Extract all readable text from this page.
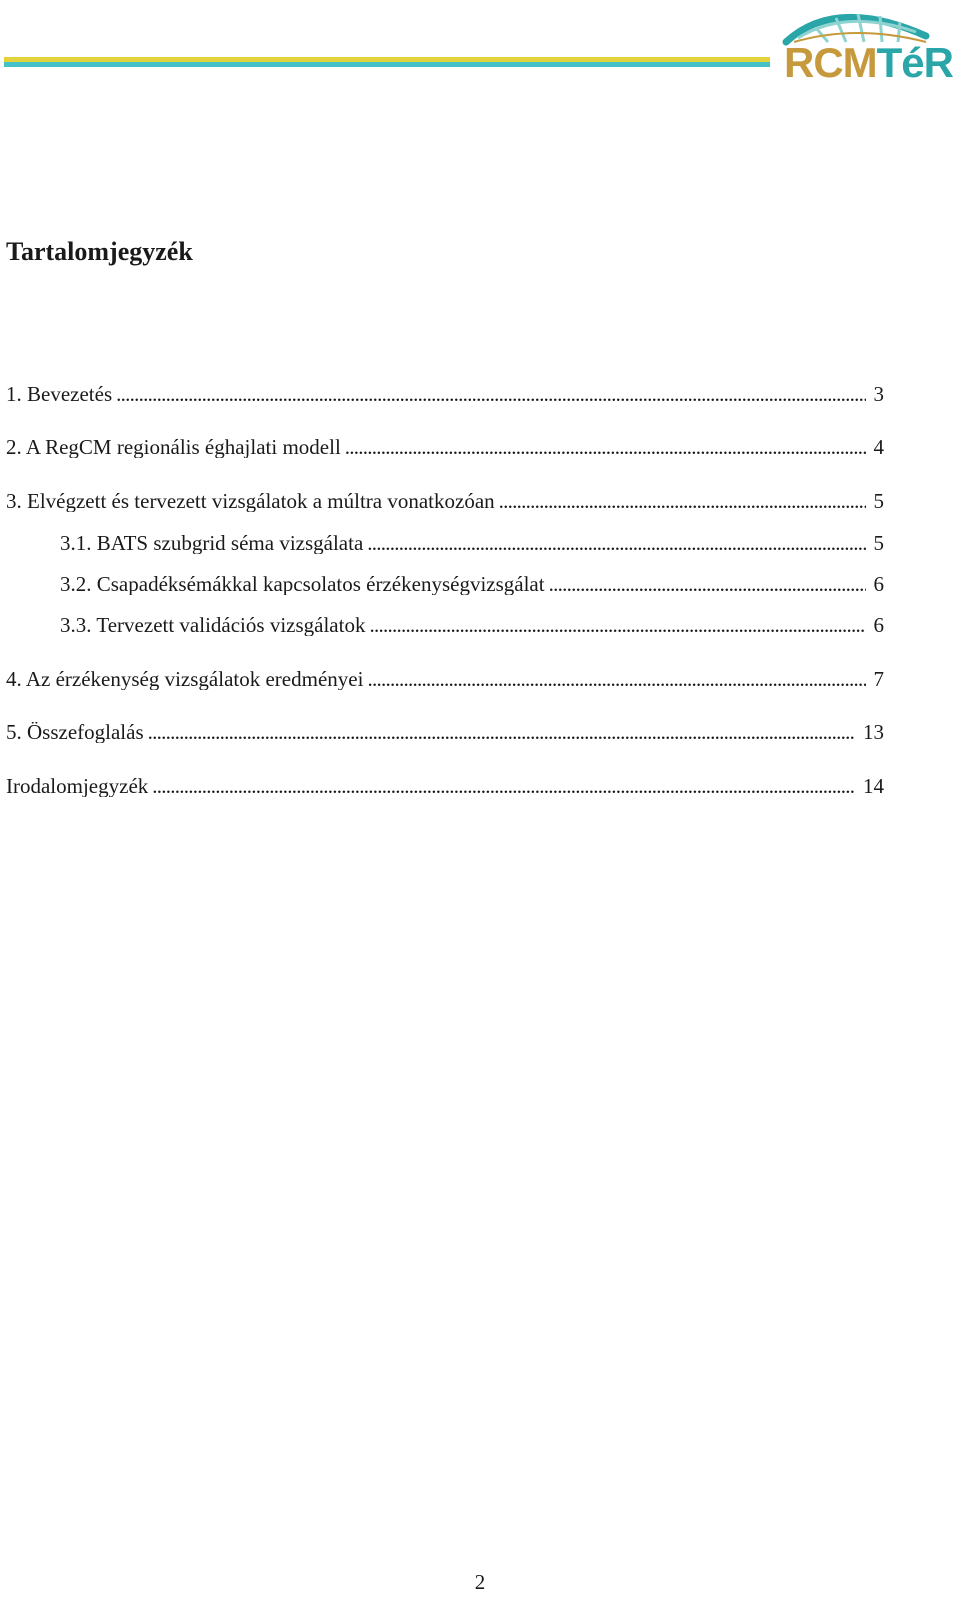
RCMTéR
Tartalomjegyzék
1. Bevezetés . . .	3
2. A RegCM regionális éghajlati modell . . .	4
3. Elvégzett és tervezett vizsgálatok a múltra vonatkozóan . . .	5
3.1. BATS szubgrid séma vizsgálata . . .	5
3.2. Csapadéksémákkal kapcsolatos érzékenységvizsgálat . . .	6
3.3. Tervezett validációs vizsgálatok . . .	6
4. Az érzékenység vizsgálatok eredményei . . .	7
5. Összefoglalás . . .	13
Irodalomjegyzék . . .	14
2
